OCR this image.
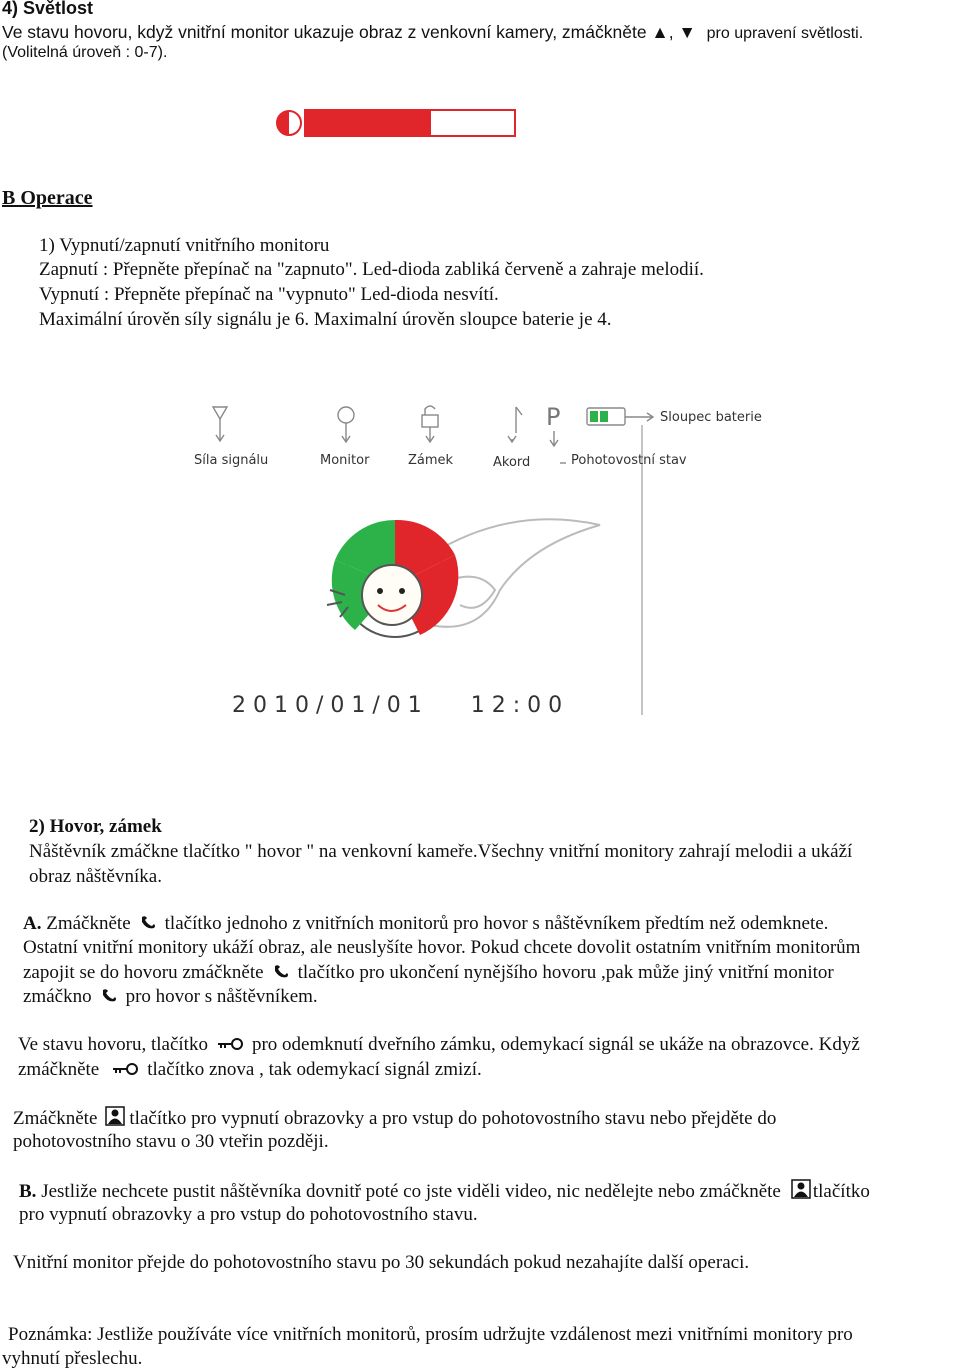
4) Světlost
Ve stavu hovoru, když vnitřní monitor ukazuje obraz z venkovní kamery, zmáčkněte ▲, ▼ pro upravení světlosti.
(Volitelná úroveň : 0-7).
B Operace
1) Vypnutí/zapnutí vnitřního monitoru
Zapnutí : Přepněte přepínač na "zapnuto". Led-dioda zabliká červeně a zahraje melodií.
Vypnutí : Přepněte přepínač na "vypnuto" Led-dioda nesvítí.
Maximální úrověn síly signálu je 6. Maximalní úrověn sloupce baterie je 4.
Síla signálu	Monitor	Zámek	Akord	Pohotovostní stav
Sloupec baterie
P
2010/01/01   12:00
2) Hovor, zámek
Nåštěvník zmáčkne tlačítko " hovor " na venkovní kameře.Všechny vnitřní monitory zahrají melodii a ukáží
obraz nåštěvníka.
A. Zmáčkněte tlačítko jednoho z vnitřních monitorů pro hovor s nåštěvníkem předtím než odemknete.
Ostatní vnitřní monitory ukáží obraz, ale neuslyšíte hovor. Pokud chcete dovolit ostatním vnitřním monitorům
zapojit se do hovoru zmáčkněte tlačítko pro ukončení nynějšího hovoru ,pak může jiný vnitřní monitor
zmáčkno pro hovor s nåštěvníkem.
Ve stavu hovoru, tlačítko pro odemknutí dveřního zámku, odemykací signál se ukáže na obrazovce. Když
zmáčkněte	tlačítko znova , tak odemykací signál zmizí.
Zmáčkněte tlačítko pro vypnutí obrazovky a pro vstup do pohotovostního stavu nebo přejděte do
pohotovostního stavu o 30 vteřin později.
B. Jestliže nechcete pustit nåštěvníka dovnitř poté co jste viděli video, nic nedělejte nebo zmáčkněte tlačítko
pro vypnutí obrazovky a pro vstup do pohotovostního stavu.
Vnitřní monitor přejde do pohotovostního stavu po 30 sekundách pokud nezahajíte další operaci.
Poznámka: Jestliže používáte více vnitřních monitorů, prosím udržujte vzdálenost mezi vnitřními monitory pro
vyhnutí přeslechu.
